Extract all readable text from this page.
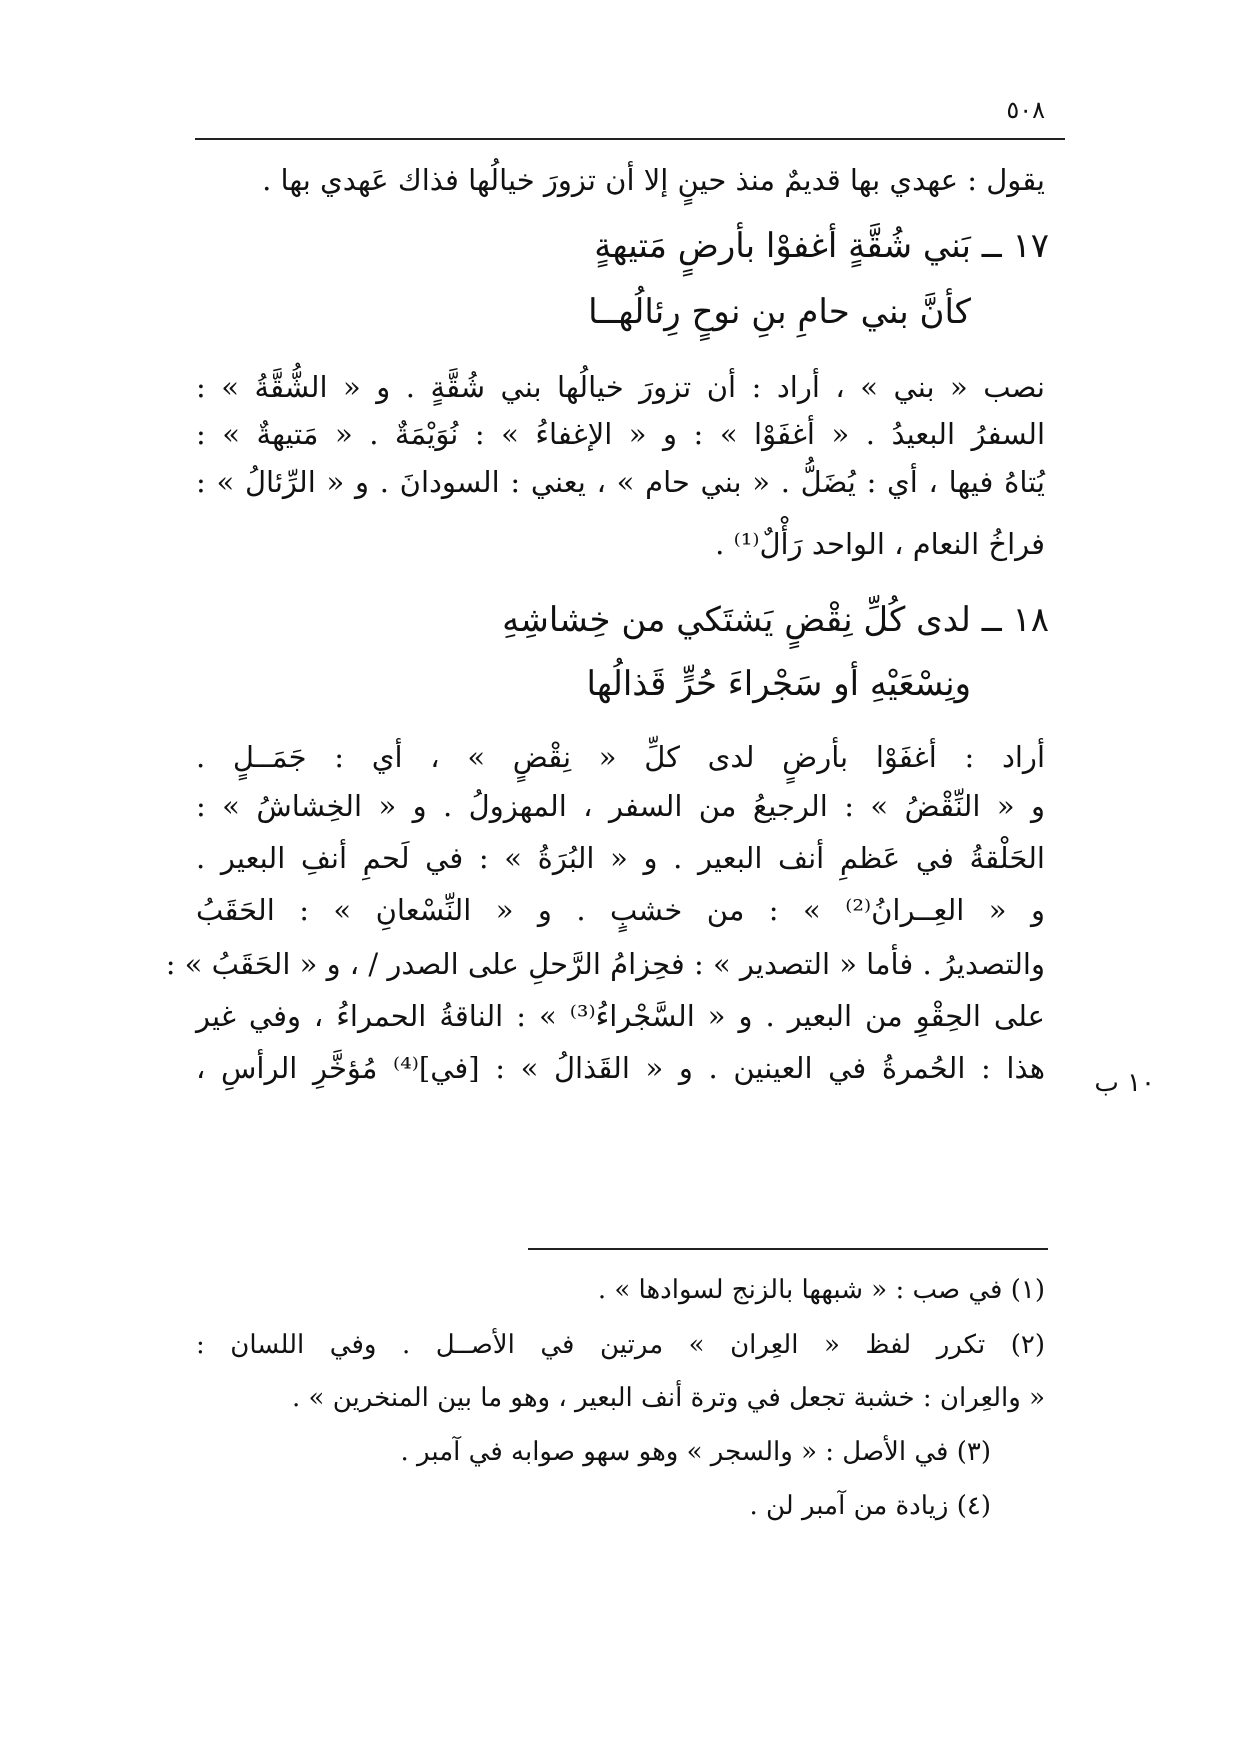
٥٠٨
يقول : عهدي بها قديمٌ منذ حينٍ إلا أن تزورَ خيالُها فذاك عَهدي بها .
١٧ ــ بَني شُقَّةٍ أغفوْا بأرضٍ مَتيهةٍ
كأنَّ بني حامِ بنِ نوحٍ رِئالُهــا
نصب « بني » ، أراد : أن تزورَ خيالُها بني شُقَّةٍ . و « الشُّقَّةُ » :
السفرُ البعيدُ . « أغفَوْا » : و « الإغفاءُ » : نُوَيْمَةٌ . « مَتيهةٌ » :
يُتاهُ فيها ، أي : يُضَلُّ . « بني حام » ، يعني : السودانَ . و « الرِّئالُ » :
فراخُ النعام ، الواحد رَأْلٌ⁽¹⁾ .
١٨ ــ لدى كُلِّ نِقْضٍ يَشتَكي من خِشاشِهِ
ونِسْعَيْهِ أو سَجْراءَ حُرٍّ قَذالُها
أراد : أغفَوْا بأرضٍ لدى كلِّ « نِقْضٍ » ، أي : جَمَــلٍ .
و « النِّقْضُ » : الرجيعُ من السفر ، المهزولُ . و « الخِشاشُ » :
الحَلْقةُ في عَظمِ أنف البعير . و « البُرَةُ » : في لَحمِ أنفِ البعير .
و « العِــرانُ⁽²⁾ » : من خشبٍ . و « النِّسْعانِ » : الحَقَبُ
والتصديرُ . فأما « التصدير » : فحِزامُ الرَّحلِ على الصدر / ، و « الحَقَبُ » :
على الحِقْوِ من البعير . و « السَّجْراءُ⁽³⁾ » : الناقةُ الحمراءُ ، وفي غير
هذا : الحُمرةُ في العينين . و « القَذالُ » : [في]⁽⁴⁾ مُؤخَّرِ الرأسِ ،	١٠ ب
(١) في صب : « شبهها بالزنج لسوادها » .
(٢) تكرر لفظ « العِران » مرتين في الأصــل . وفي اللسان :
« والعِران : خشبة تجعل في وترة أنف البعير ، وهو ما بين المنخرين » .
(٣) في الأصل : « والسجر » وهو سهو صوابه في آمبر .
(٤) زيادة من آمبر لن .
